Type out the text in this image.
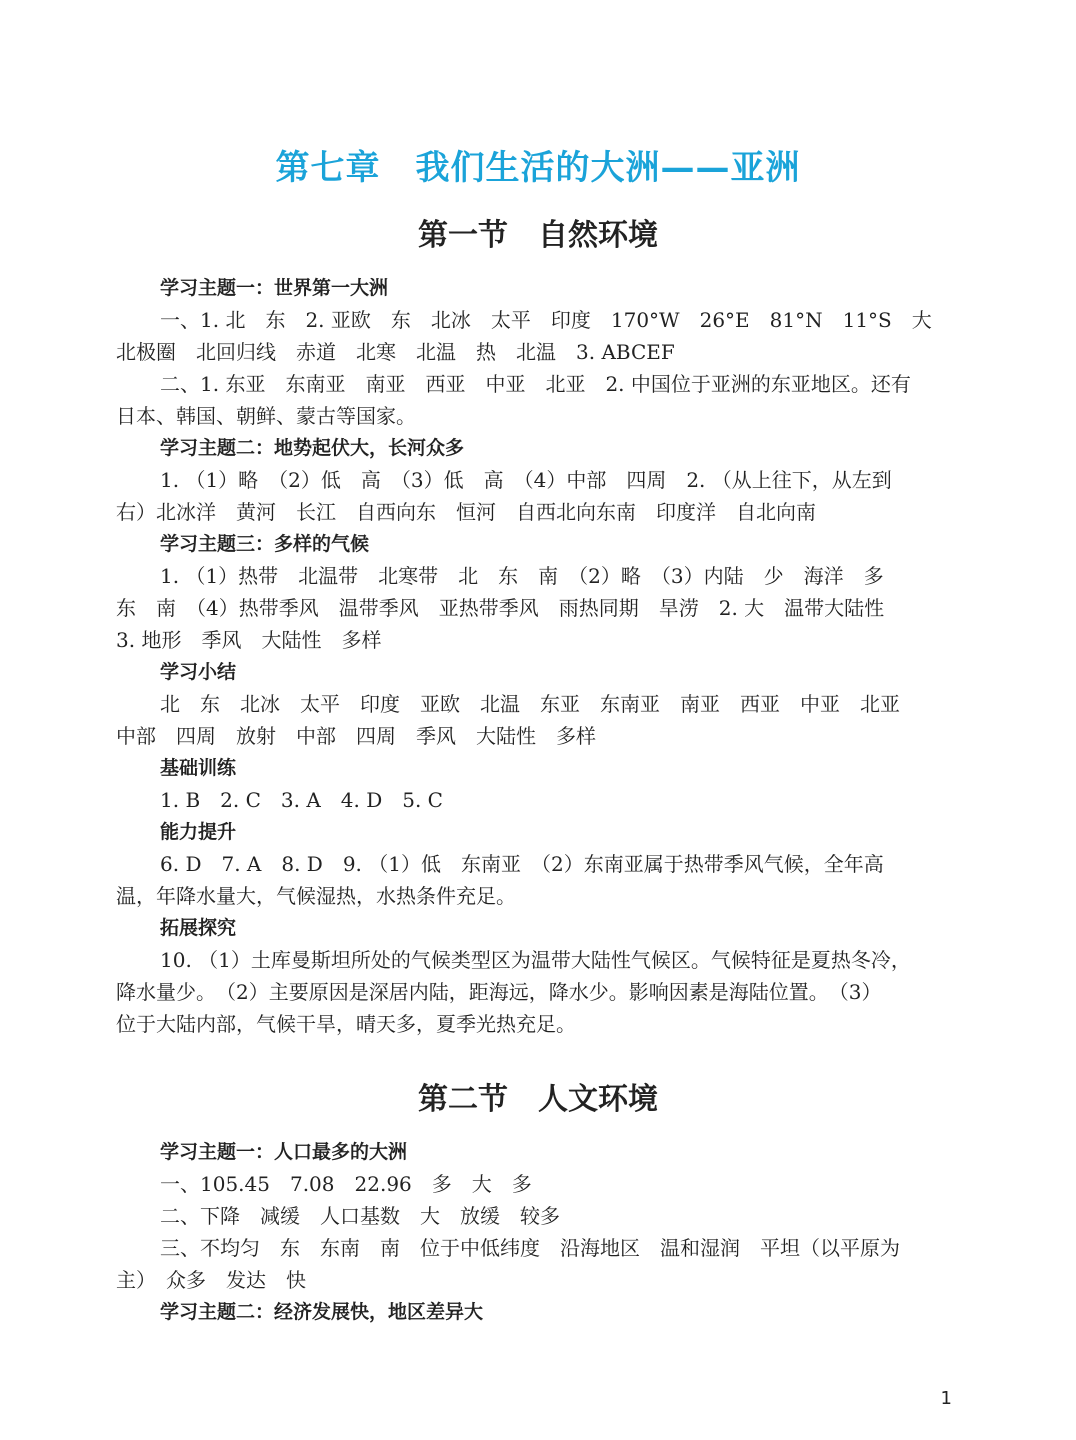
第七章　我们生活的大洲——亚洲
第一节　自然环境
学习主题一：世界第一大洲
一、1. 北　东　2. 亚欧　东　北冰　太平　印度　170°W　26°E　81°N　11°S　大
北极圈　北回归线　赤道　北寒　北温　热　北温　3. ABCEF
二、1. 东亚　东南亚　南亚　西亚　中亚　北亚　2. 中国位于亚洲的东亚地区。还有
日本、韩国、朝鲜、蒙古等国家。
学习主题二：地势起伏大，长河众多
1. （1）略　（2）低　高　（3）低　高　（4）中部　四周　2. （从上往下，从左到
右）北冰洋　黄河　长江　自西向东　恒河　自西北向东南　印度洋　自北向南
学习主题三：多样的气候
1. （1）热带　北温带　北寒带　北　东　南　（2）略　（3）内陆　少　海洋　多
东　南　（4）热带季风　温带季风　亚热带季风　雨热同期　旱涝　2. 大　温带大陆性
3. 地形　季风　大陆性　多样
学习小结
北　东　北冰　太平　印度　亚欧　北温　东亚　东南亚　南亚　西亚　中亚　北亚
中部　四周　放射　中部　四周　季风　大陆性　多样
基础训练
1. B　2. C　3. A　4. D　5. C
能力提升
6. D　7. A　8. D　9. （1）低　东南亚　（2）东南亚属于热带季风气候，全年高
温，年降水量大，气候湿热，水热条件充足。
拓展探究
10. （1）土库曼斯坦所处的气候类型区为温带大陆性气候区。气候特征是夏热冬冷，
降水量少。　（2）主要原因是深居内陆，距海远，降水少。影响因素是海陆位置。　（3）
位于大陆内部，气候干旱，晴天多，夏季光热充足。
第二节　人文环境
学习主题一：人口最多的大洲
一、105.45　7.08　22.96　多　大　多
二、下降　减缓　人口基数　大　放缓　较多
三、不均匀　东　东南　南　位于中低纬度　沿海地区　温和湿润　平坦（以平原为
主）　众多　发达　快
学习主题二：经济发展快，地区差异大
1
